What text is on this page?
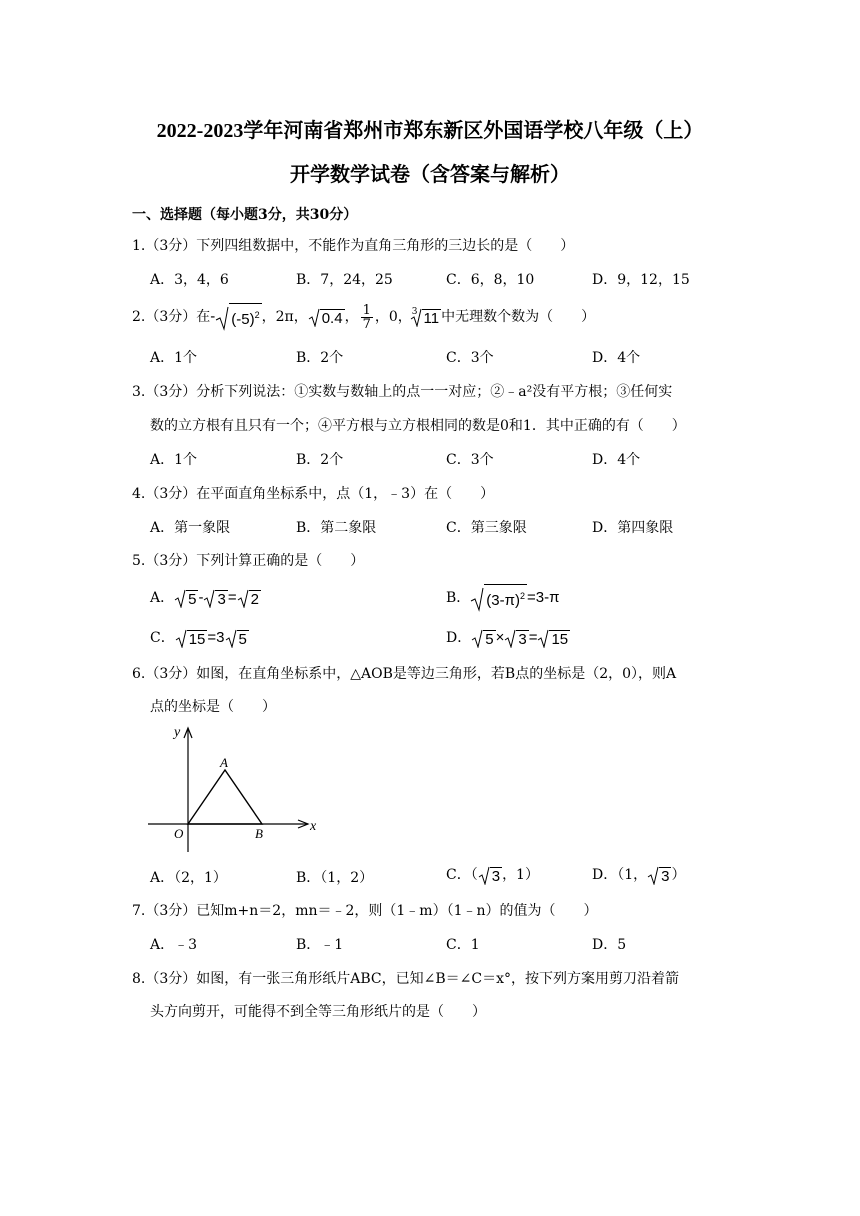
2022-2023学年河南省郑州市郑东新区外国语学校八年级（上）
开学数学试卷（含答案与解析）
一、选择题（每小题3分，共30分）
1.（3分）下列四组数据中，不能作为直角三角形的三边长的是（　　）
A．3，4，6	B．7，24，25	C．6，8，10	D．9，12，15
2.（3分）在 - $(-5)^2$ ，2π， 0.4 ， $\frac{1}{7}$ ，0， 3 11 中无理数个数为（　　）
A．1个	B．2个	C．3个	D．4个
3.（3分）分析下列说法：①实数与数轴上的点一一对应；②﹣a²没有平方根；③任何实
数的立方根有且只有一个；④平方根与立方根相同的数是0和1．其中正确的有（　　）
A．1个	B．2个	C．3个	D．4个
4.（3分）在平面直角坐标系中，点（1，﹣3）在（　　）
A．第一象限	B．第二象限	C．第三象限	D．第四象限
5.（3分）下列计算正确的是（　　）
A． 5 - 3 = 2	B． $(3-\pi)^2 =3-\pi$
C． 15 =3 5	D． 5 × 3 = 15
6.（3分）如图，在直角坐标系中，△AOB是等边三角形，若B点的坐标是（2，0），则A
点的坐标是（　　）
y
x
A
O	B
A．（2，1）	B．（1，2）	C．（ 3 ，1）	D．（1， 3 ）
7.（3分）已知m+n＝2，mn＝﹣2，则（1﹣m）（1﹣n）的值为（　　）
A．﹣3	B．﹣1	C．1	D．5
8.（3分）如图，有一张三角形纸片ABC，已知∠B＝∠C＝x°，按下列方案用剪刀沿着箭
头方向剪开，可能得不到全等三角形纸片的是（　　）
